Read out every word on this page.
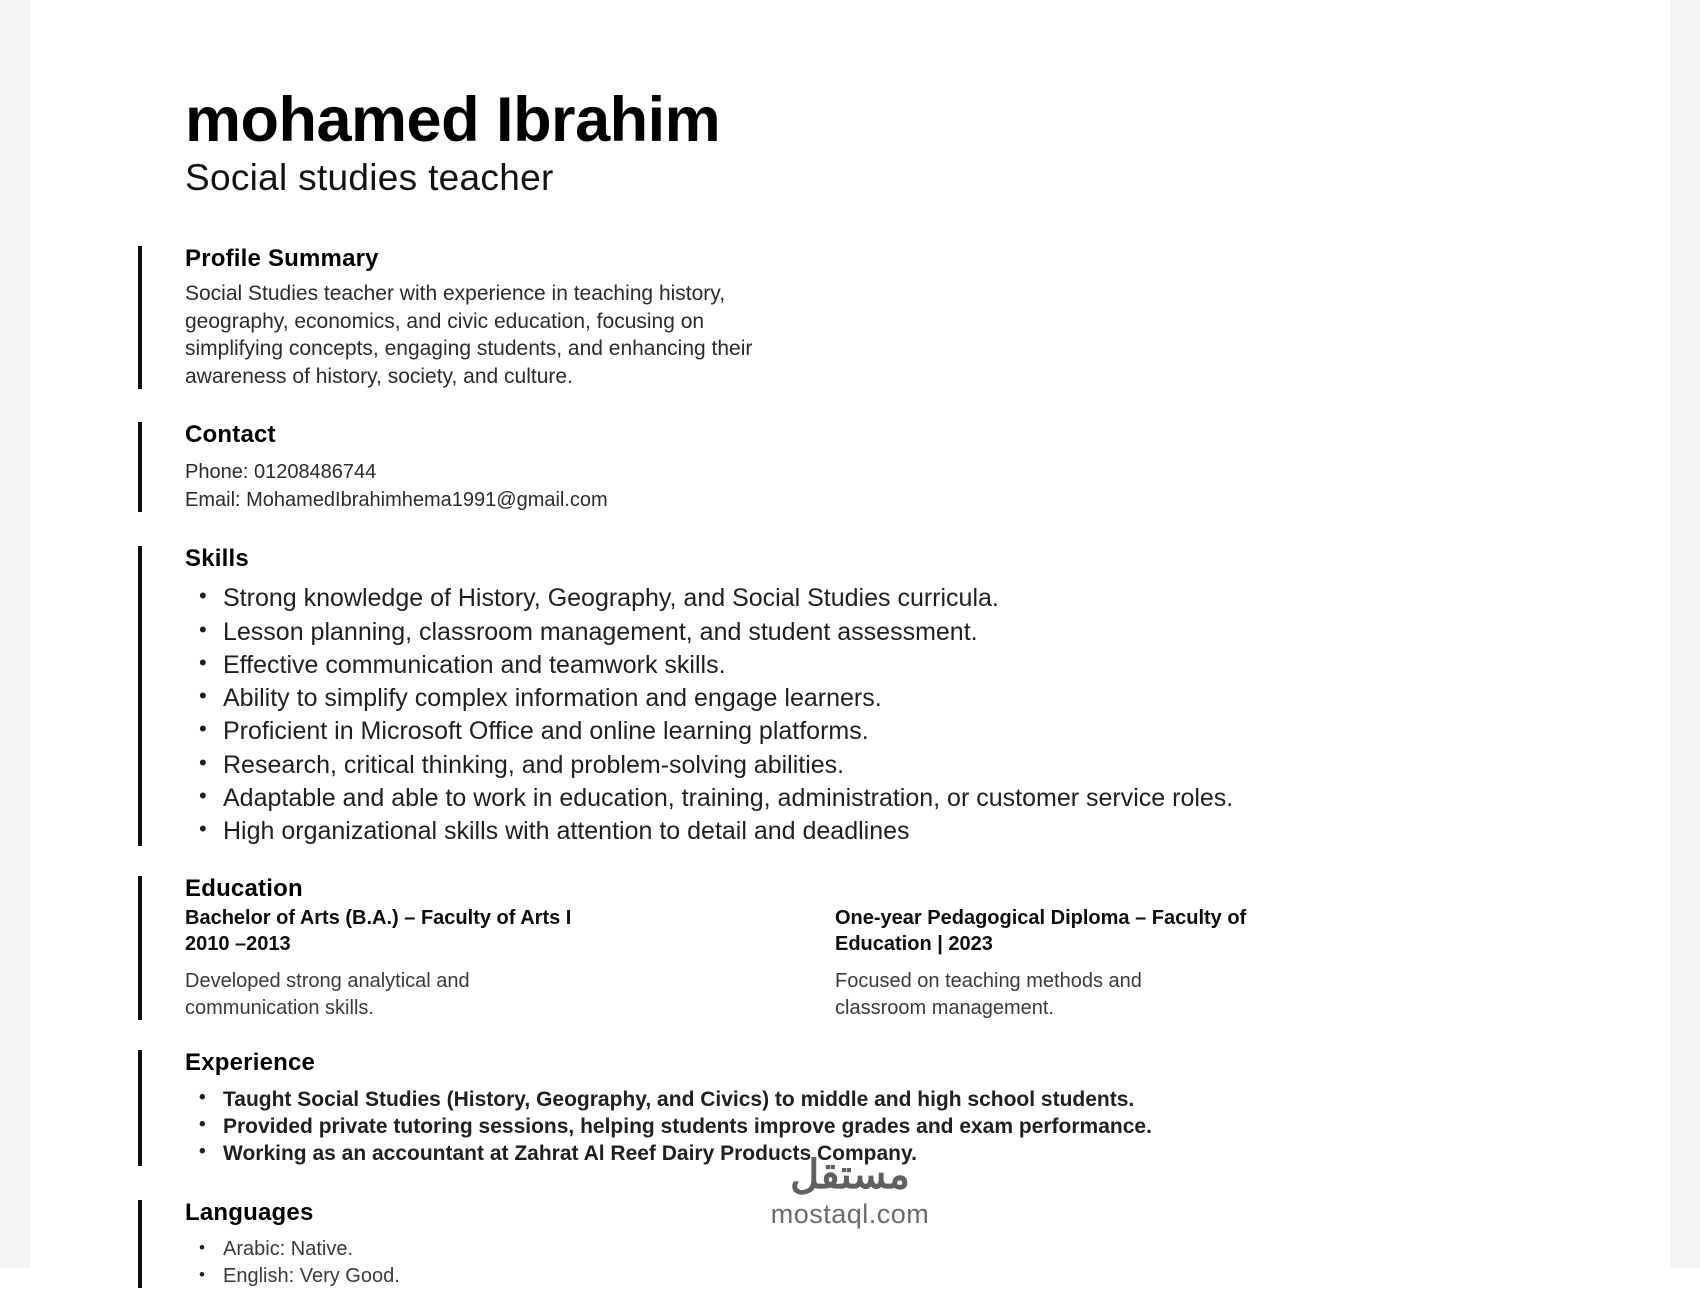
mohamed Ibrahim
Social studies teacher
Profile Summary
Social Studies teacher with experience in teaching history,
geography, economics, and civic education, focusing on
simplifying concepts, engaging students, and enhancing their
awareness of history, society, and culture.
Contact
Phone: 01208486744
Email: MohamedIbrahimhema1991@gmail.com
Skills
• Strong knowledge of History, Geography, and Social Studies curricula.
• Lesson planning, classroom management, and student assessment.
• Effective communication and teamwork skills.
• Ability to simplify complex information and engage learners.
• Proficient in Microsoft Office and online learning platforms.
• Research, critical thinking, and problem-solving abilities.
• Adaptable and able to work in education, training, administration, or customer service roles.
• High organizational skills with attention to detail and deadlines
Education
Bachelor of Arts (B.A.) – Faculty of Arts I
2010 –2013
Developed strong analytical and
communication skills.
One-year Pedagogical Diploma – Faculty of
Education | 2023
Focused on teaching methods and
classroom management.
Experience
• Taught Social Studies (History, Geography, and Civics) to middle and high school students.
• Provided private tutoring sessions, helping students improve grades and exam performance.
• Working as an accountant at Zahrat Al Reef Dairy Products Company.
Languages
• Arabic: Native.
• English: Very Good.
مستقل
mostaql.com
